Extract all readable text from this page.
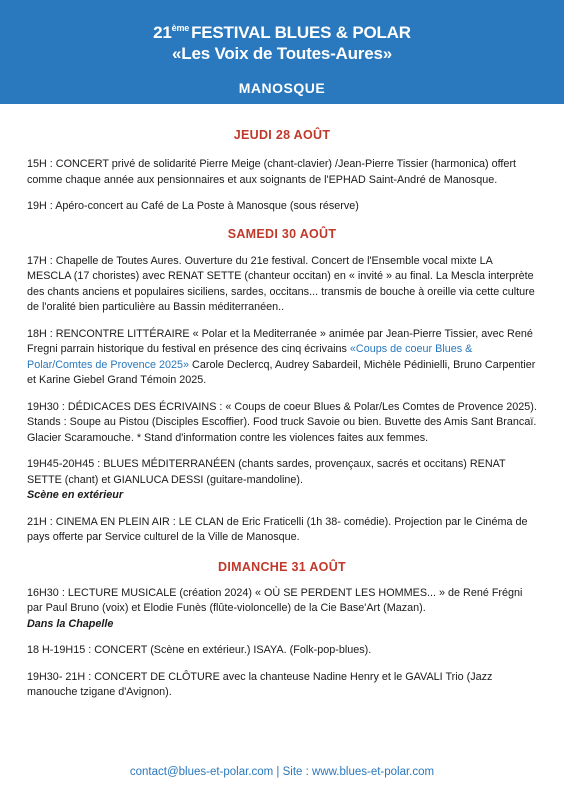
21ème FESTIVAL BLUES & POLAR
«Les Voix de Toutes-Aures»
MANOSQUE
JEUDI 28 AOÛT

15H : CONCERT privé de solidarité Pierre Meige (chant-clavier) /Jean-Pierre Tissier (harmonica) offert comme chaque année aux pensionnaires et aux soignants de l'EPHAD Saint-André de Manosque.

19H : Apéro-concert au Café de La Poste à Manosque (sous réserve)

SAMEDI 30 AOÛT

17H : Chapelle de Toutes Aures. Ouverture du 21e festival. Concert de l'Ensemble vocal mixte LA MESCLA (17 choristes) avec RENAT SETTE (chanteur occitan) en « invité » au final. La Mescla interprète des chants anciens et populaires siciliens, sardes, occitans... transmis de bouche à oreille via cette culture de l'oralité bien particulière au Bassin méditerranéen..

18H : RENCONTRE LITTÉRAIRE « Polar et la Mediterranée » animée par Jean-Pierre Tissier, avec René Fregni parrain historique du festival en présence des cinq écrivains «Coups de coeur Blues & Polar/Comtes de Provence 2025» Carole Declercq, Audrey Sabardeil, Michèle Pédinielli, Bruno Carpentier et Karine Giebel Grand Témoin 2025.

19H30 : DÉDICACES DES ÉCRIVAINS : « Coups de coeur Blues & Polar/Les Comtes de Provence 2025). Stands : Soupe au Pistou (Disciples Escoffier). Food truck Savoie ou bien. Buvette des Amis Sant Brancaï. Glacier Scaramouche. * Stand d'information contre les violences faites aux femmes.

19H45-20H45 : BLUES MÉDITERRANÉEN (chants sardes, provençaux, sacrés et occitans) RENAT SETTE (chant) et GIANLUCA DESSI (guitare-mandoline).
Scène en extérieur

21H : CINEMA EN PLEIN AIR : LE CLAN de Eric Fraticelli (1h 38- comédie). Projection par le Cinéma de pays offerte par Service culturel de la Ville de Manosque.

DIMANCHE 31 AOÛT

16H30 : LECTURE MUSICALE (création 2024) « OÙ SE PERDENT LES HOMMES... » de René Frégni par Paul Bruno (voix) et Elodie Funès (flûte-violoncelle) de la Cie Base'Art (Mazan).
Dans la Chapelle

18 H-19H15 : CONCERT (Scène en extérieur.) ISAYA. (Folk-pop-blues).

19H30- 21H : CONCERT DE CLÔTURE avec la chanteuse Nadine Henry et le GAVALI Trio (Jazz manouche tzigane d'Avignon).

contact@blues-et-polar.com | Site : www.blues-et-polar.com
